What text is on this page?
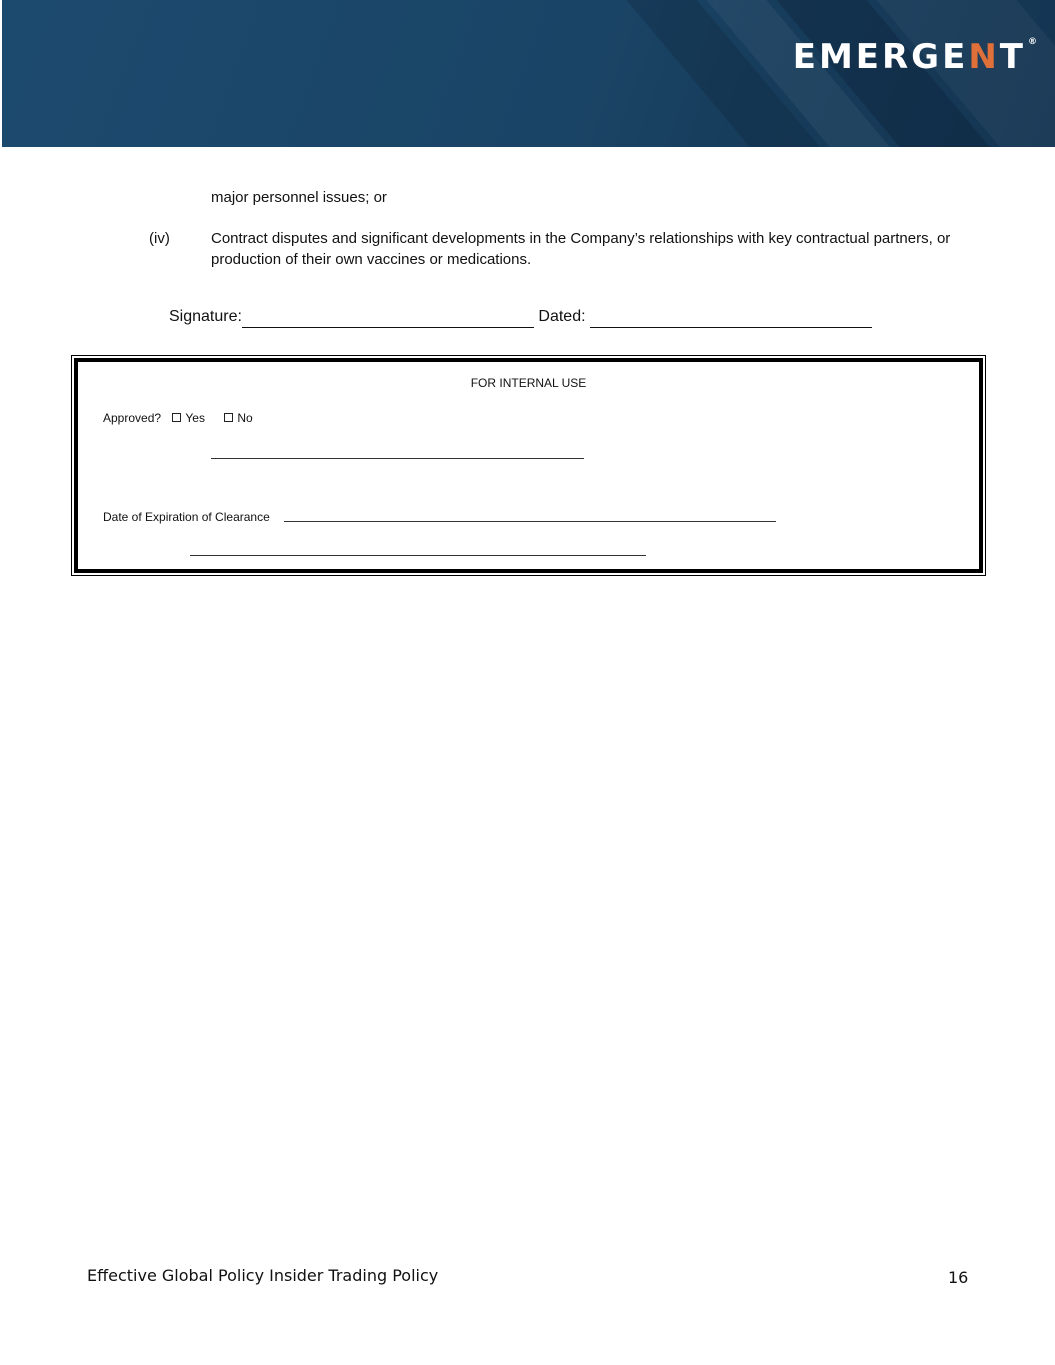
EMERGENT ®
major personnel issues; or
(iv)	Contract disputes and significant developments in the Company’s relationships with key contractual partners, or production of their own vaccines or medications.
Signature:	Dated:
FOR INTERNAL USE
Approved? Yes	No
Date of Expiration of Clearance
Effective Global Policy Insider Trading Policy	16
